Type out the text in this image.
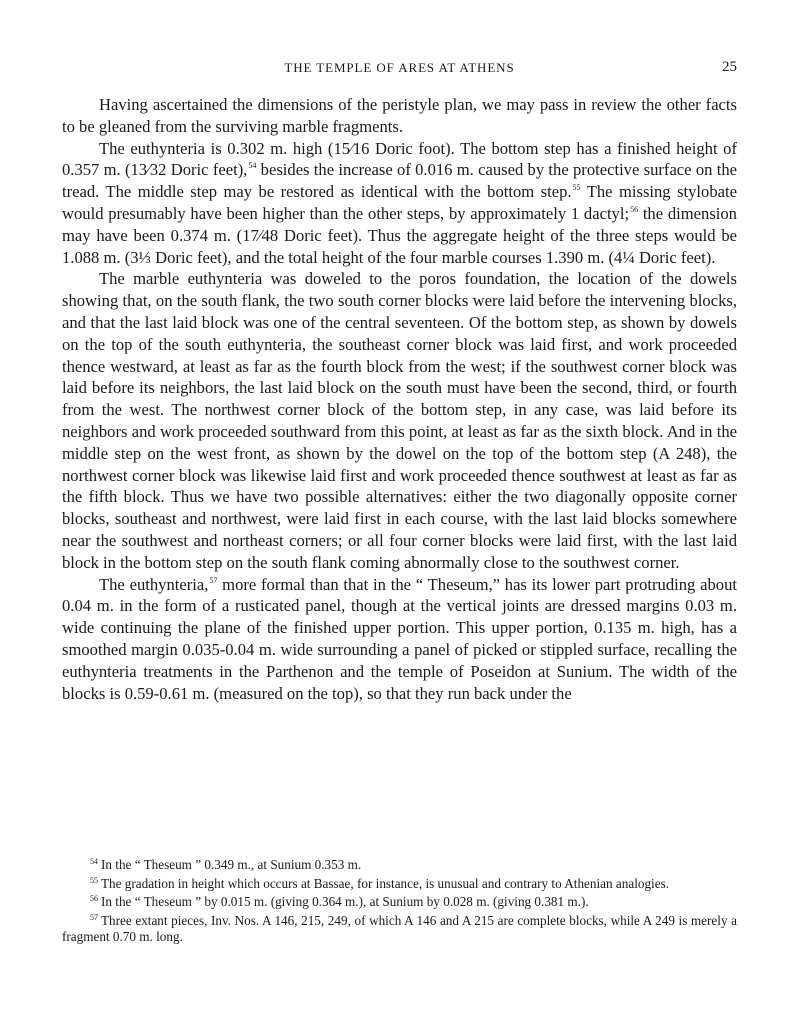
THE TEMPLE OF ARES AT ATHENS	25

Having ascertained the dimensions of the peristyle plan, we may pass in review the other facts to be gleaned from the surviving marble fragments.

The euthynteria is 0.302 m. high (15⁄16 Doric foot). The bottom step has a finished height of 0.357 m. (13⁄32 Doric feet),$^{54}$ besides the increase of 0.016 m. caused by the protective surface on the tread. The middle step may be restored as identical with the bottom step.$^{55}$ The missing stylobate would presumably have been higher than the other steps, by approximately 1 dactyl;$^{56}$ the dimension may have been 0.374 m. (17⁄48 Doric feet). Thus the aggregate height of the three steps would be 1.088 m. (3⅓ Doric feet), and the total height of the four marble courses 1.390 m. (4¼ Doric feet).

The marble euthynteria was doweled to the poros foundation, the location of the dowels showing that, on the south flank, the two south corner blocks were laid before the intervening blocks, and that the last laid block was one of the central seventeen. Of the bottom step, as shown by dowels on the top of the south euthynteria, the southeast corner block was laid first, and work proceeded thence westward, at least as far as the fourth block from the west; if the southwest corner block was laid before its neighbors, the last laid block on the south must have been the second, third, or fourth from the west. The northwest corner block of the bottom step, in any case, was laid before its neighbors and work proceeded southward from this point, at least as far as the sixth block. And in the middle step on the west front, as shown by the dowel on the top of the bottom step (A 248), the northwest corner block was likewise laid first and work proceeded thence southwest at least as far as the fifth block. Thus we have two possible alternatives: either the two diagonally opposite corner blocks, southeast and northwest, were laid first in each course, with the last laid blocks somewhere near the southwest and northeast corners; or all four corner blocks were laid first, with the last laid block in the bottom step on the south flank coming abnormally close to the southwest corner.

The euthynteria,$^{57}$ more formal than that in the “ Theseum,” has its lower part protruding about 0.04 m. in the form of a rusticated panel, though at the vertical joints are dressed margins 0.03 m. wide continuing the plane of the finished upper portion. This upper portion, 0.135 m. high, has a smoothed margin 0.035-0.04 m. wide surrounding a panel of picked or stippled surface, recalling the euthynteria treatments in the Parthenon and the temple of Poseidon at Sunium. The width of the blocks is 0.59-0.61 m. (measured on the top), so that they run back under the

$^{54}$ In the “ Theseum ” 0.349 m., at Sunium 0.353 m.

$^{55}$ The gradation in height which occurs at Bassae, for instance, is unusual and contrary to Athenian analogies.

$^{56}$ In the “ Theseum ” by 0.015 m. (giving 0.364 m.), at Sunium by 0.028 m. (giving 0.381 m.).

$^{57}$ Three extant pieces, Inv. Nos. A 146, 215, 249, of which A 146 and A 215 are complete blocks, while A 249 is merely a fragment 0.70 m. long.
